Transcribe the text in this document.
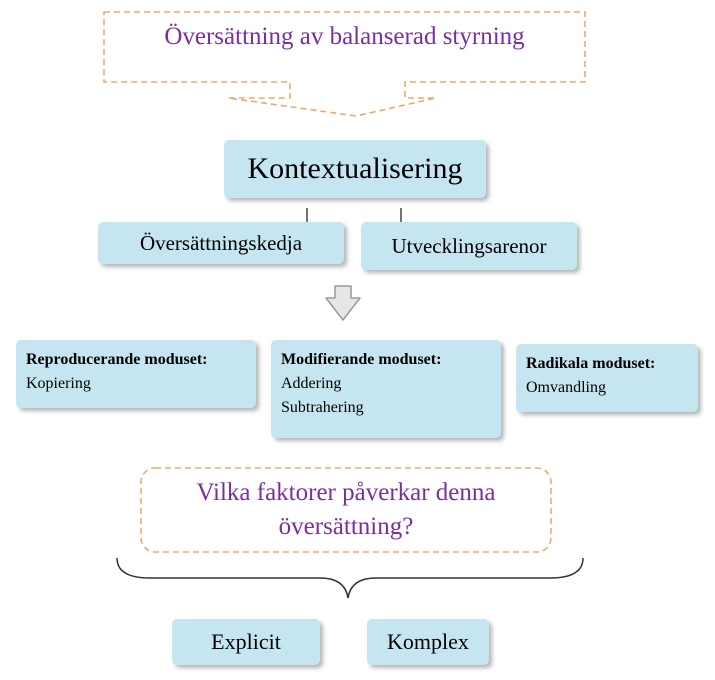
Översättning av balanserad styrning
Kontextualisering
Översättningskedja	Utvecklingsarenor
Reproducerande moduset:
Kopiering
Modifierande moduset:
Addering
Subtrahering
Radikala moduset:
Omvandling
Vilka faktorer påverkar denna
översättning?
Explicit	Komplex
